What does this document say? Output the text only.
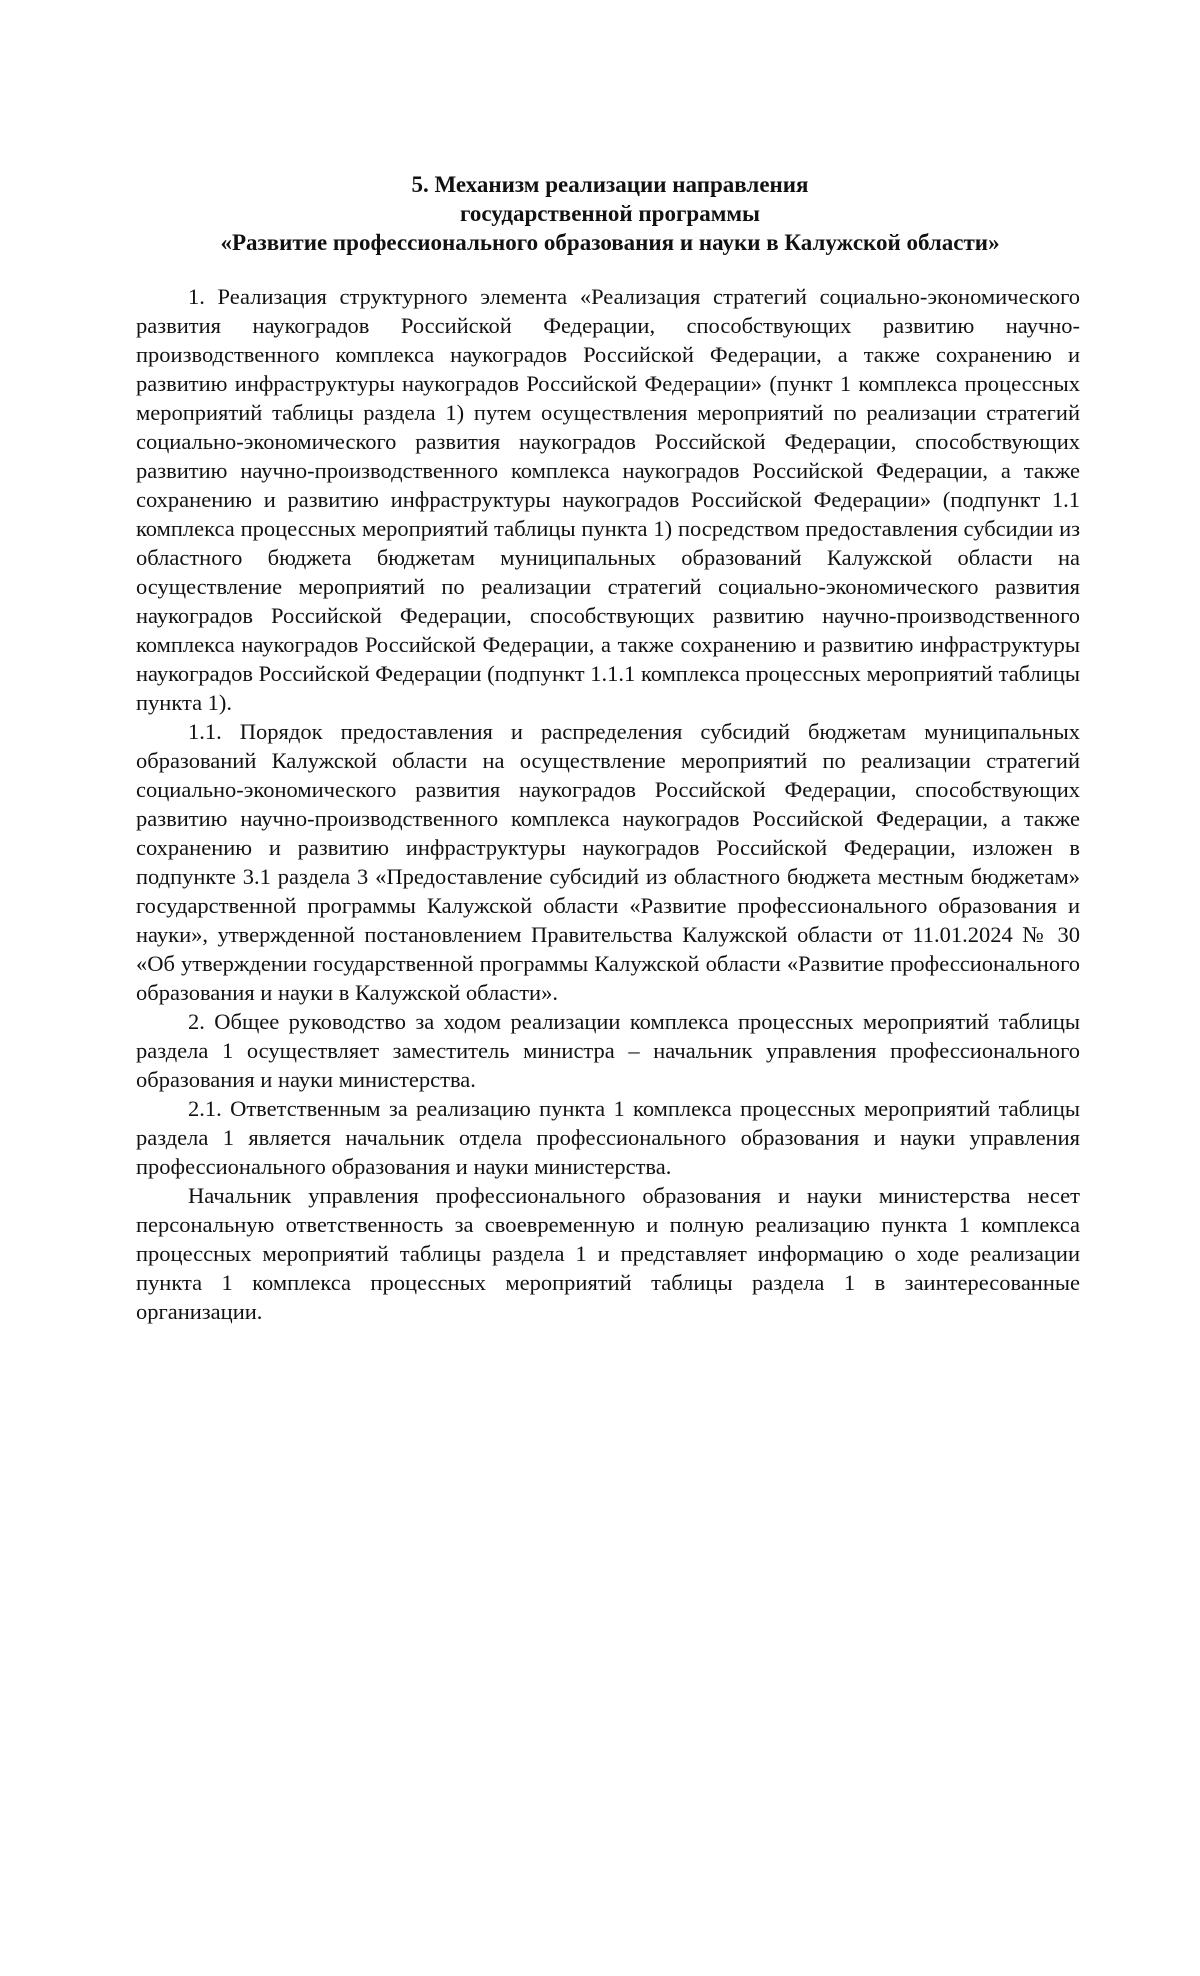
5. Механизм реализации направления
государственной программы
«Развитие профессионального образования и науки в Калужской области»

1. Реализация структурного элемента «Реализация стратегий социально-экономического развития наукоградов Российской Федерации, способствующих развитию научно-производственного комплекса наукоградов Российской Федерации, а также сохранению и развитию инфраструктуры наукоградов Российской Федерации» (пункт 1 комплекса процессных мероприятий таблицы раздела 1) путем осуществления мероприятий по реализации стратегий социально-экономического развития наукоградов Российской Федерации, способствующих развитию научно-производственного комплекса наукоградов Российской Федерации, а также сохранению и развитию инфраструктуры наукоградов Российской Федерации» (подпункт 1.1 комплекса процессных мероприятий таблицы пункта 1) посредством предоставления субсидии из областного бюджета бюджетам муниципальных образований Калужской области на осуществление мероприятий по реализации стратегий социально-экономического развития наукоградов Российской Федерации, способствующих развитию научно-производственного комплекса наукоградов Российской Федерации, а также сохранению и развитию инфраструктуры наукоградов Российской Федерации (подпункт 1.1.1 комплекса процессных мероприятий таблицы пункта 1).

1.1. Порядок предоставления и распределения субсидий бюджетам муниципальных образований Калужской области на осуществление мероприятий по реализации стратегий социально-экономического развития наукоградов Российской Федерации, способствующих развитию научно-производственного комплекса наукоградов Российской Федерации, а также сохранению и развитию инфраструктуры наукоградов Российской Федерации, изложен в подпункте 3.1 раздела 3 «Предоставление субсидий из областного бюджета местным бюджетам» государственной программы Калужской области «Развитие профессионального образования и науки», утвержденной постановлением Правительства Калужской области от 11.01.2024 № 30 «Об утверждении государственной программы Калужской области «Развитие профессионального образования и науки в Калужской области».

2. Общее руководство за ходом реализации комплекса процессных мероприятий таблицы раздела 1 осуществляет заместитель министра – начальник управления профессионального образования и науки министерства.

2.1. Ответственным за реализацию пункта 1 комплекса процессных мероприятий таблицы раздела 1 является начальник отдела профессионального образования и науки управления профессионального образования и науки министерства.

Начальник управления профессионального образования и науки министерства несет персональную ответственность за своевременную и полную реализацию пункта 1 комплекса процессных мероприятий таблицы раздела 1 и представляет информацию о ходе реализации пункта 1 комплекса процессных мероприятий таблицы раздела 1 в заинтересованные организации.
